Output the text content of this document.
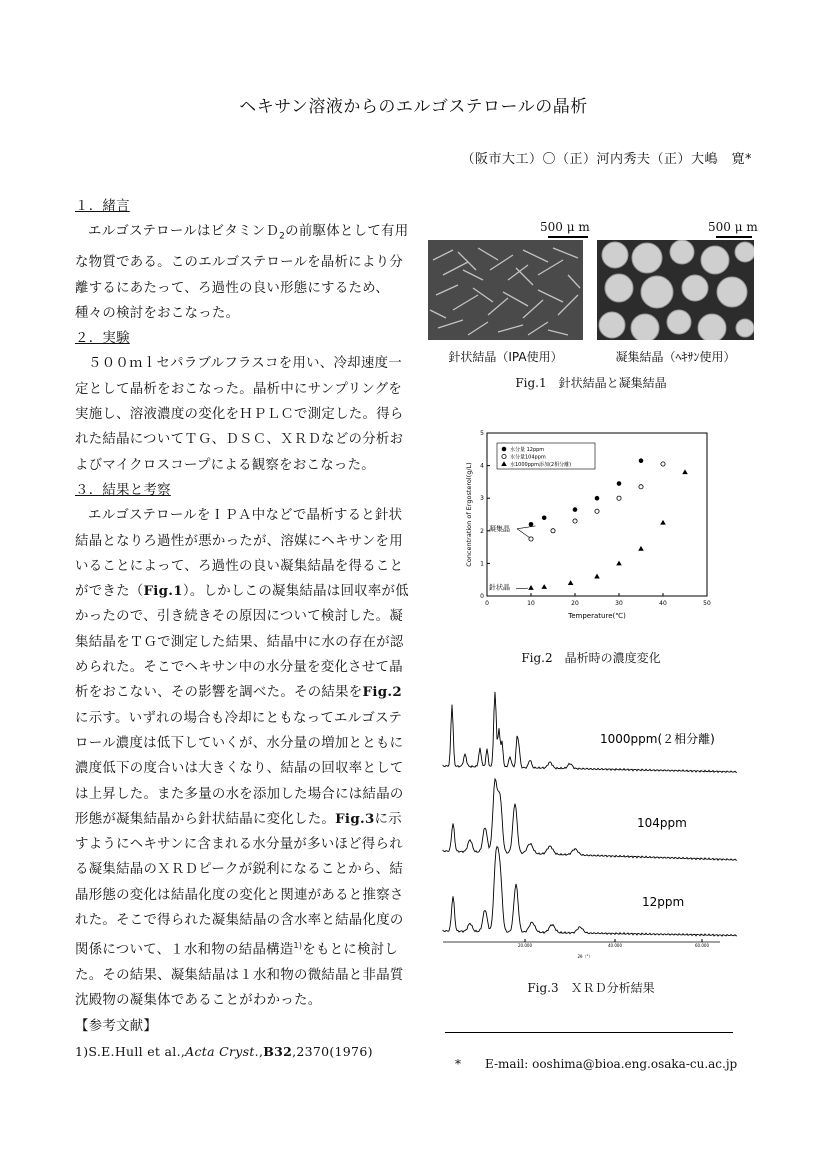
ヘキサン溶液からのエルゴステロールの晶析
（阪市大工）〇（正）河内秀夫（正）大嶋　寛*

１．緒言

エルゴステロールはビタミンＤ$_2$の前駆体として有用な物質である。このエルゴステロールを晶析により分離するにあたって、ろ過性の良い形態にするため、種々の検討をおこなった。

２．実験

５００ｍｌセパラブルフラスコを用い、冷却速度一定として晶析をおこなった。晶析中にサンプリングを実施し、溶液濃度の変化をＨＰＬＣで測定した。得られた結晶についてＴＧ、ＤＳＣ、ＸＲＤなどの分析およびマイクロスコープによる観察をおこなった。

３．結果と考察

エルゴステロールをＩＰＡ中などで晶析すると針状結晶となりろ過性が悪かったが、溶媒にヘキサンを用いることによって、ろ過性の良い凝集結晶を得ることができた（Fig.1）。しかしこの凝集結晶は回収率が低かったので、引き続きその原因について検討した。凝集結晶をＴＧで測定した結果、結晶中に水の存在が認められた。そこでヘキサン中の水分量を変化させて晶析をおこない、その影響を調べた。その結果をFig.2に示す。いずれの場合も冷却にともなってエルゴステロール濃度は低下していくが、水分量の増加とともに濃度低下の度合いは大きくなり、結晶の回収率としては上昇した。また多量の水を添加した場合には結晶の形態が凝集結晶から針状結晶に変化した。Fig.3に示すようにヘキサンに含まれる水分量が多いほど得られる凝集結晶のＸＲＤピークが鋭利になることから、結晶形態の変化は結晶化度の変化と関連があると推察された。そこで得られた凝集結晶の含水率と結晶化度の関係について、１水和物の結晶構造$^{1)}$をもとに検討した。その結果、凝集結晶は１水和物の微結晶と非晶質沈殿物の凝集体であることがわかった。

【参考文献】

1)S.E.Hull et al.,Acta Cryst.,B32,2370(1976)

500 μ m	500 μ m
針状結晶（IPA使用）	凝集結晶（ﾍｷｻﾝ使用）
Fig.1　 針状結晶と凝集結晶
0	10	20	30	40	50
0
1
2
3
4
5
Temperature(℃)
Concentration of Ergosterol(g/L)
水分量 12ppm
水分量104ppm
水1000ppm添加(2相分離)
凝集晶
針状晶
Fig.2　 晶析時の濃度変化
1000ppm(２相分離)
104ppm
12ppm
20.000	40.000	60.000
2θ（°）
Fig.3　 ＸＲＤ分析結果
*　　E-mail: ooshima@bioa.eng.osaka-cu.ac.jp
